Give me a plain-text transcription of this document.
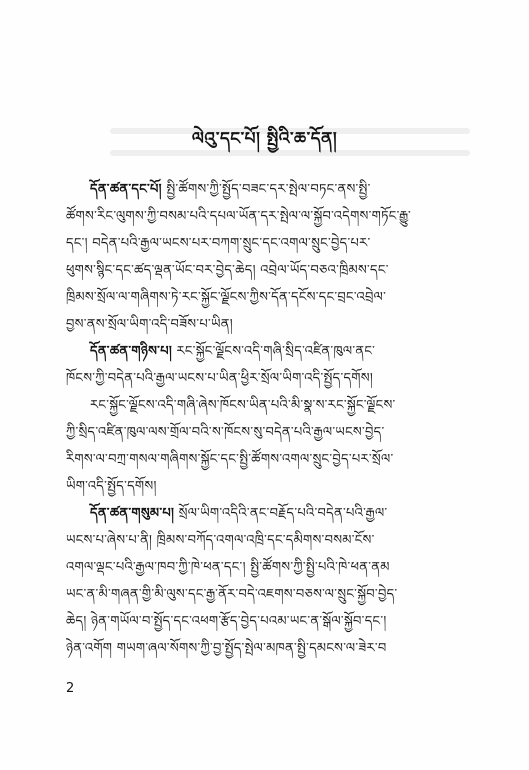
ལེའུ་དང་པོ། སྤྱིའི་ཆ་དོན།
དོན་ཚན་དང་པོ། སྤྱི་ཚོགས་ཀྱི་སྤྱོད་བཟང་དར་སྤེལ་བཏང་ནས་སྤྱི་
ཚོགས་རིང་ལུགས་ཀྱི་བསམ་པའི་དཔལ་ཡོན་དར་སྤེལ་ལ་སྐྱོབ་འདེགས་གཏོང་རྒྱུ་
དང་། བདེན་པའི་རྒྱལ་ཡངས་པར་བཀག་སྲུང་དང་འགལ་སྲུང་བྱེད་པར་
ཕུགས་སྙིང་དང་ཚད་ལྡན་ཡོང་བར་བྱེད་ཆེད། འབྲེལ་ཡོད་བཅའ་ཁྲིམས་དང་
ཁྲིམས་སྲོལ་ལ་གཞིགས་ཏེ་རང་སྐྱོང་ལྗོངས་ཀྱིས་དོན་དངོས་དང་བྲང་འབྲེལ་
བྱས་ནས་སྲོལ་ཡིག་འདི་བཟོས་པ་ཡིན།
དོན་ཚན་གཉིས་པ། རང་སྐྱོང་ལྗོངས་འདི་གཞི་སྲིད་འཛིན་ཁུལ་ནང་
ཁོངས་ཀྱི་བདེན་པའི་རྒྱལ་ཡངས་པ་ཡིན་ཕྱིར་སྲོལ་ཡིག་འདི་སྤྱོད་དགོས།
རང་སྐྱོང་ལྗོངས་འདི་གཞི་ཞེས་ཁོངས་ཡིན་པའི་མི་སྣ་ས་རང་སྐྱོང་ལྗོངས་
ཀྱི་སྲིད་འཛིན་ཁུལ་ལས་གྲོལ་བའི་ས་ཁོངས་སུ་བདེན་པའི་རྒྱལ་ཡངས་བྱེད་
རིགས་ལ་བཀྲ་གསལ་གཞིགས་སྐྱོང་དང་སྤྱི་ཚོགས་འགལ་སྲུང་བྱེད་པར་སྲོལ་
ཡིག་འདི་སྤྱོད་དགོས།
དོན་ཚན་གསུམ་པ། སྲོལ་ཡིག་འདིའི་ནང་བརྗོད་པའི་བདེན་པའི་རྒྱལ་
ཡངས་པ་ཞེས་པ་ནི། ཁྲིམས་བཀོད་འགལ་འཁྲི་དང་དམིགས་བསམ་ངོས་
འགལ་ལྡང་པའི་རྒྱལ་ཁབ་ཀྱི་ཁེ་ཕན་དང་། སྤྱི་ཚོགས་ཀྱི་སྤྱི་པའི་ཁེ་ཕན་ནམ
ཡང་ན་མི་གཞན་གྱི་མི་ལུས་དང་རྒྱ་ནོར་བདེ་འཇགས་བཅས་ལ་སྲུང་སྐྱོབ་བྱེད་
ཆེད། ཉེན་གཡོལ་བ་སྤྱོད་དང་འཕག་རྩོད་བྱེད་པའམ་ཡང་ན་སྒོལ་སྐྱོབ་དང་།
ཉེན་འགོག གཡག་ཞལ་སོགས་ཀྱི་བྱ་སྤྱོད་སྤེལ་མཁན་སྤྱི་དམངས་ལ་ཟེར་བ
2
